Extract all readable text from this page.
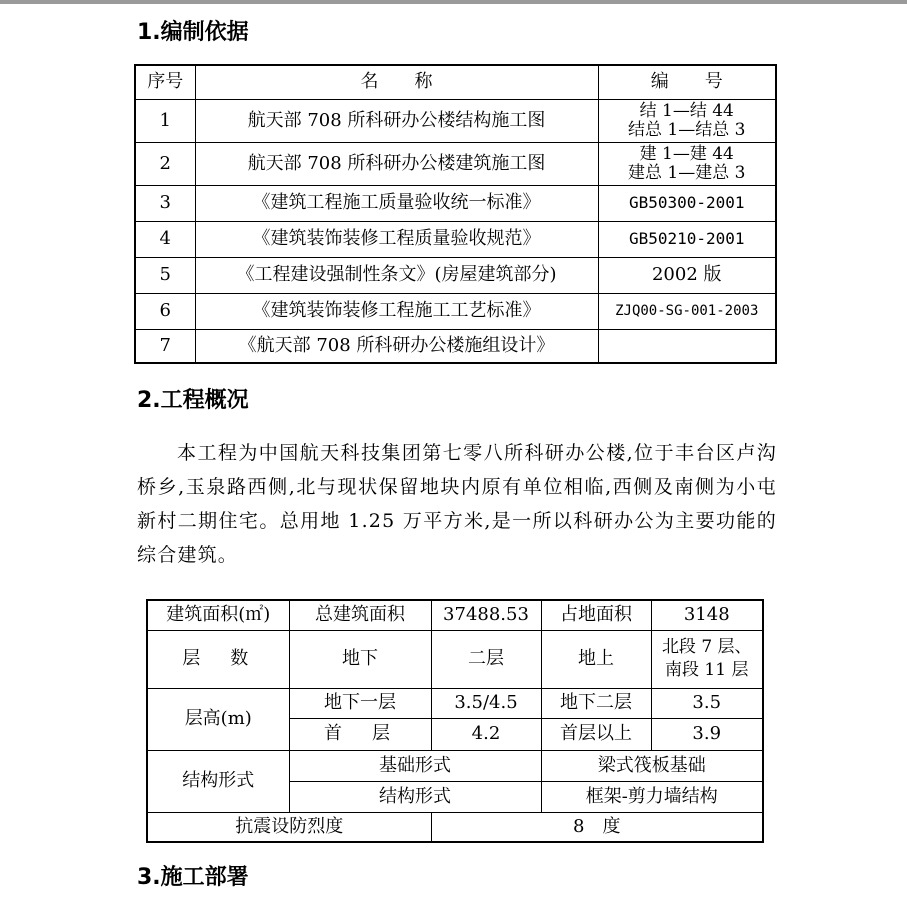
1.编制依据
序号	名　　称	编　　号
1	航天部 708 所科研办公楼结构施工图	结 1—结 44
结总 1—结总 3

2	航天部 708 所科研办公楼建筑施工图	建 1—建 44
建总 1—建总 3

3	《建筑工程施工质量验收统一标准》	GB50300-2001
4	《建筑装饰装修工程质量验收规范》	GB50210-2001
5	《工程建设强制性条文》(房屋建筑部分)	2002 版
6	《建筑装饰装修工程施工工艺标准》	ZJQ00-SG-001-2003
7	《航天部 708 所科研办公楼施组设计》	
2.工程概况

本工程为中国航天科技集团第七零八所科研办公楼,位于丰台区卢沟桥乡,玉泉路西侧,北与现状保留地块内原有单位相临,西侧及南侧为小屯新村二期住宅。总用地 1.25 万平方米,是一所以科研办公为主要功能的综合建筑。

建筑面积(㎡)	总建筑面积	37488.53	占地面积	3148
层　数	地下	二层	地上	北段 7 层、
南段 11 层

层高(m)	地下一层	3.5/4.5	地下二层	3.5
	首　层	4.2	首层以上	3.9
结构形式	基础形式		梁式筏板基础	
	结构形式		框架-剪力墙结构	
抗震设防烈度		8　度		
3.施工部署
